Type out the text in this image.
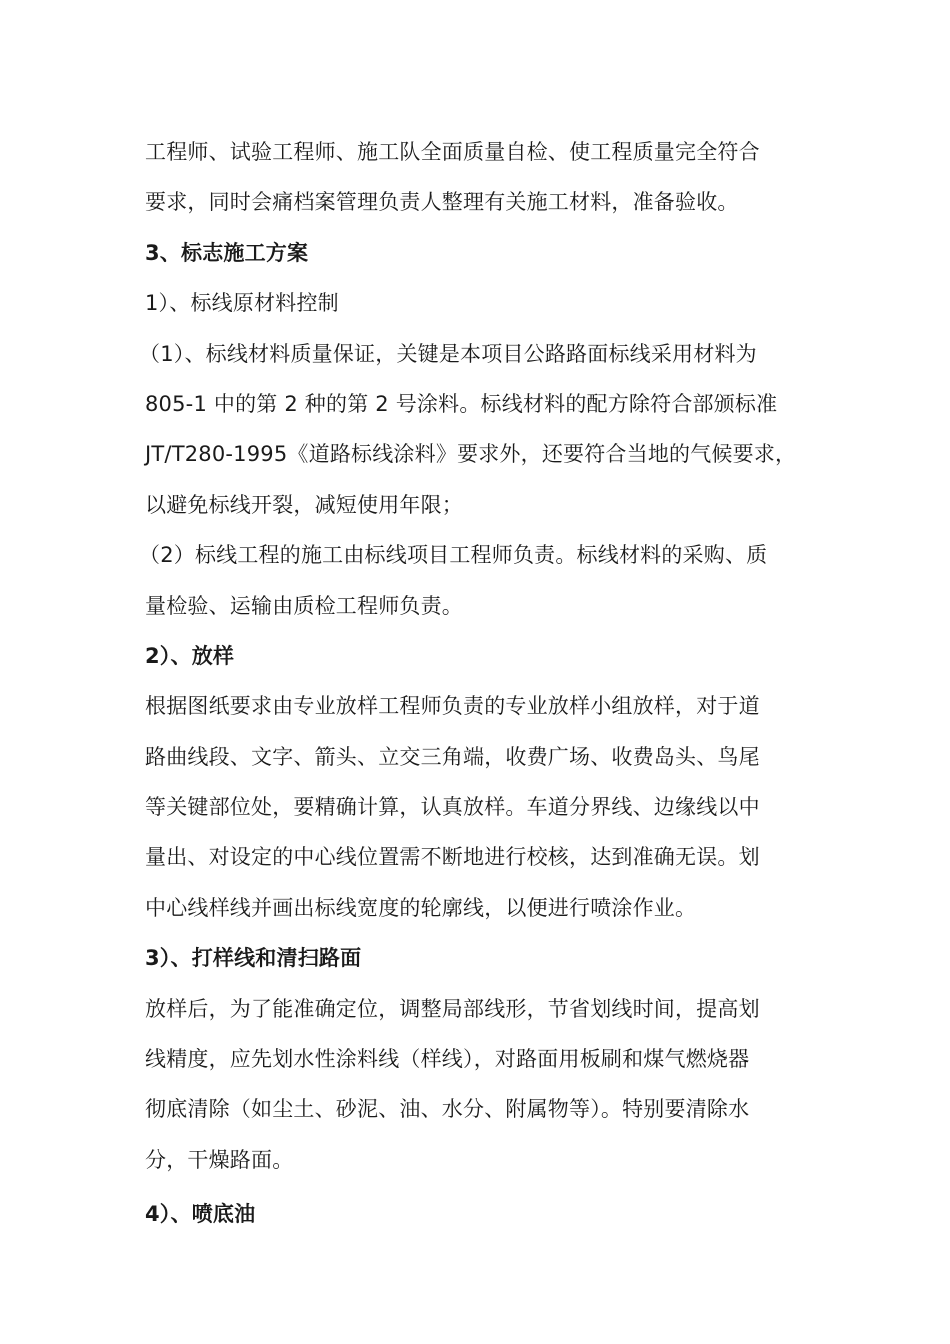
工程师、试验工程师、施工队全面质量自检、使工程质量完全符合
要求，同时会痛档案管理负责人整理有关施工材料，准备验收。
3、标志施工方案
1）、标线原材料控制
（1）、标线材料质量保证，关键是本项目公路路面标线采用材料为
805-1 中的第 2 种的第 2 号涂料。标线材料的配方除符合部颁标准
JT/T280-1995《道路标线涂料》要求外，还要符合当地的气候要求，
以避免标线开裂，减短使用年限；
（2）标线工程的施工由标线项目工程师负责。标线材料的采购、质
量检验、运输由质检工程师负责。
2）、放样
根据图纸要求由专业放样工程师负责的专业放样小组放样，对于道
路曲线段、文字、箭头、立交三角端，收费广场、收费岛头、鸟尾
等关键部位处，要精确计算，认真放样。车道分界线、边缘线以中
量出、对设定的中心线位置需不断地进行校核，达到准确无误。划
中心线样线并画出标线宽度的轮廓线，以便进行喷涂作业。
3）、打样线和清扫路面
放样后，为了能准确定位，调整局部线形，节省划线时间，提高划
线精度，应先划水性涂料线（样线），对路面用板刷和煤气燃烧器
彻底清除（如尘土、砂泥、油、水分、附属物等）。特别要清除水
分，干燥路面。
4）、喷底油
